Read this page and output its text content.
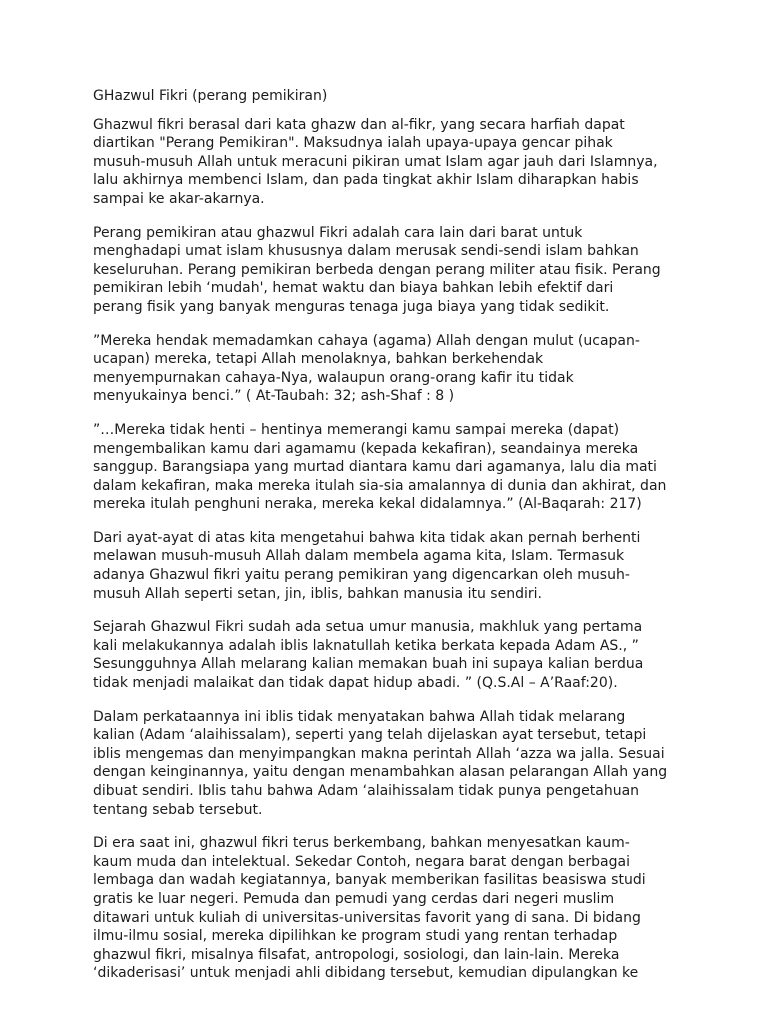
GHazwul Fikri (perang pemikiran)
Ghazwul fikri berasal dari kata ghazw dan al-fikr, yang secara harfiah dapat
diartikan "Perang Pemikiran". Maksudnya ialah upaya-upaya gencar pihak
musuh-musuh Allah untuk meracuni pikiran umat Islam agar jauh dari Islamnya,
lalu akhirnya membenci Islam, dan pada tingkat akhir Islam diharapkan habis
sampai ke akar-akarnya.
Perang pemikiran atau ghazwul Fikri adalah cara lain dari barat untuk
menghadapi umat islam khususnya dalam merusak sendi-sendi islam bahkan
keseluruhan. Perang pemikiran berbeda dengan perang militer atau fisik. Perang
pemikiran lebih ‘mudah', hemat waktu dan biaya bahkan lebih efektif dari
perang fisik yang banyak menguras tenaga juga biaya yang tidak sedikit.
”Mereka hendak memadamkan cahaya (agama) Allah dengan mulut (ucapan-
ucapan) mereka, tetapi Allah menolaknya, bahkan berkehendak
menyempurnakan cahaya-Nya, walaupun orang-orang kafir itu tidak
menyukainya benci.” ( At-Taubah: 32; ash-Shaf : 8 )
”…Mereka tidak henti – hentinya memerangi kamu sampai mereka (dapat)
mengembalikan kamu dari agamamu (kepada kekafiran), seandainya mereka
sanggup. Barangsiapa yang murtad diantara kamu dari agamanya, lalu dia mati
dalam kekafiran, maka mereka itulah sia-sia amalannya di dunia dan akhirat, dan
mereka itulah penghuni neraka, mereka kekal didalamnya.” (Al-Baqarah: 217)
Dari ayat-ayat di atas kita mengetahui bahwa kita tidak akan pernah berhenti
melawan musuh-musuh Allah dalam membela agama kita, Islam. Termasuk
adanya Ghazwul fikri yaitu perang pemikiran yang digencarkan oleh musuh-
musuh Allah seperti setan, jin, iblis, bahkan manusia itu sendiri.
Sejarah Ghazwul Fikri sudah ada setua umur manusia, makhluk yang pertama
kali melakukannya adalah iblis laknatullah ketika berkata kepada Adam AS., ”
Sesungguhnya Allah melarang kalian memakan buah ini supaya kalian berdua
tidak menjadi malaikat dan tidak dapat hidup abadi. ” (Q.S.Al – A’Raaf:20).
Dalam perkataannya ini iblis tidak menyatakan bahwa Allah tidak melarang
kalian (Adam ‘alaihissalam), seperti yang telah dijelaskan ayat tersebut, tetapi
iblis mengemas dan menyimpangkan makna perintah Allah ‘azza wa jalla. Sesuai
dengan keinginannya, yaitu dengan menambahkan alasan pelarangan Allah yang
dibuat sendiri. Iblis tahu bahwa Adam ‘alaihissalam tidak punya pengetahuan
tentang sebab tersebut.
Di era saat ini, ghazwul fikri terus berkembang, bahkan menyesatkan kaum-
kaum muda dan intelektual. Sekedar Contoh, negara barat dengan berbagai
lembaga dan wadah kegiatannya, banyak memberikan fasilitas beasiswa studi
gratis ke luar negeri. Pemuda dan pemudi yang cerdas dari negeri muslim
ditawari untuk kuliah di universitas-universitas favorit yang di sana. Di bidang
ilmu-ilmu sosial, mereka dipilihkan ke program studi yang rentan terhadap
ghazwul fikri, misalnya filsafat, antropologi, sosiologi, dan lain-lain. Mereka
‘dikaderisasi’ untuk menjadi ahli dibidang tersebut, kemudian dipulangkan ke
